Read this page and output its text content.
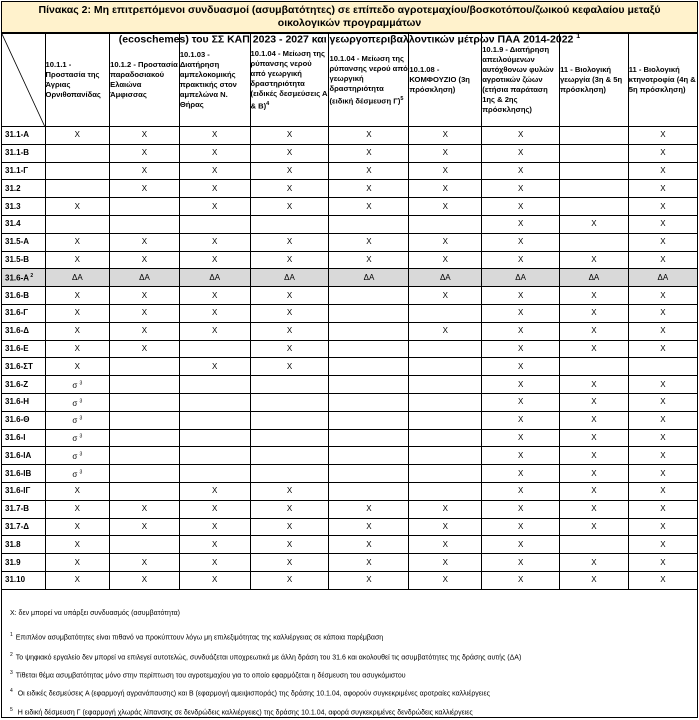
Πίνακας 2: Μη επιτρεπόμενοι συνδυασμοί (ασυμβατότητες) σε επίπεδο αγροτεμαχίου/βοσκοτόπου/ζωικού κεφαλαίου μεταξύ οικολογικών προγραμμάτων
(ecoschemes) του ΣΣ ΚΑΠ 2023 - 2027 και γεωργοπεριβαλλοντικών μέτρων ΠΑΑ 2014-2022 $^1$
	10.1.1 - Προστασία της Άγριας Ορνιθοπανίδας	10.1.2 - Προστασία παραδοσιακού Ελαιώνα Άμφισσας	10.1.03 - Διατήρηση αμπελοκομικής πρακτικής στον αμπελώνα Ν. Θήρας	10.1.04 - Μείωση της ρύπανσης νερού από γεωργική δραστηριότητα (ειδικές δεσμεύσεις Α & Β)$^4$	10.1.04 - Μείωση της ρύπανσης νερού από γεωργική δραστηριότητα (ειδική δέσμευση Γ)$^5$	10.1.08 - ΚΟΜΦΟΥΖΙΟ (3η πρόσκληση)	10.1.9 - Διατήρηση απειλούμενων αυτόχθονων φυλών αγροτικών ζώων (ετήσια παράταση 1ης & 2ης πρόσκλησης)	11 - Βιολογική γεωργία (3η & 5η πρόσκληση)	11 - Βιολογική κτηνοτροφία (4η & 5η πρόσκληση)
31.1-Α	X	X	X	X	X	X	X		X
31.1-Β		X	X	X	X	X	X		X
31.1-Γ		X	X	X	X	X	X		X
31.2		X	X	X	X	X	X		X
31.3	X		X	X	X	X	X		X
31.4							X	X	X
31.5-Α	X	X	X	X	X	X	X		X
31.5-Β	X	X	X	X	X	X	X	X	X
31.6-Α $^2$	ΔΑ	ΔΑ	ΔΑ	ΔΑ	ΔΑ	ΔΑ	ΔΑ	ΔΑ	ΔΑ
31.6-Β	X	X	X	X		X	X	X	X
31.6-Γ	X	X	X	X			X	X	X
31.6-Δ	X	X	X	X		X	X	X	X
31.6-Ε	X	X		X			X	X	X
31.6-ΣΤ	X		X	X			X		
31.6-Ζ	σ $^3$						X	X	X
31.6-Η	σ $^3$						X	X	X
31.6-Θ	σ $^3$						X	X	X
31.6-Ι	σ $^3$						X	X	X
31.6-ΙΑ	σ $^3$						X	X	X
31.6-ΙΒ	σ $^3$						X	X	X
31.6-ΙΓ	X		X	X			X	X	X
31.7-Β	X	X	X	X	X	X	X	X	X
31.7-Δ	X	X	X	X	X	X	X	X	X
31.8	X		X	X	X	X	X		X
31.9	X	X	X	X	X	X	X	X	X
31.10	X	X	X	X	X	X	X	X	X
X: δεν μπορεί να υπάρξει συνδυασμός (ασυμβατότητα)
$^1$ Επιπλέον ασυμβατότητες είναι πιθανό να προκύπτουν λόγω μη επιλεξιμότητας της καλλιέργειας σε κάποια παρέμβαση
$^2$ Το ψηφιακό εργαλείο δεν μπορεί να επιλεγεί αυτοτελώς, συνδυάζεται υποχρεωτικά με άλλη δράση του 31.6 και ακολουθεί τις ασυμβατότητες της δράσης αυτής (ΔΑ)
$^3$ Τίθεται θέμα ασυμβατότητας μόνο στην περίπτωση του αγροτεμαχίου για το οποίο εφαρμόζεται η δέσμευση του ασυγκόμιστου
$^4$ Οι ειδικές δεσμεύσεις Α (εφαρμογή αγρανάπαυσης) και Β (εφαρμογή αμειψισποράς) της δράσης 10.1.04, αφορούν συγκεκριμένες αροτραίες καλλιέργειες
$^5$ Η ειδική δέσμευση Γ (εφαρμογή χλωράς λίπανσης σε δενδρώδεις καλλιέργειες) της δράσης 10.1.04, αφορά συγκεκριμένες δενδρώδεις καλλιέργειες
